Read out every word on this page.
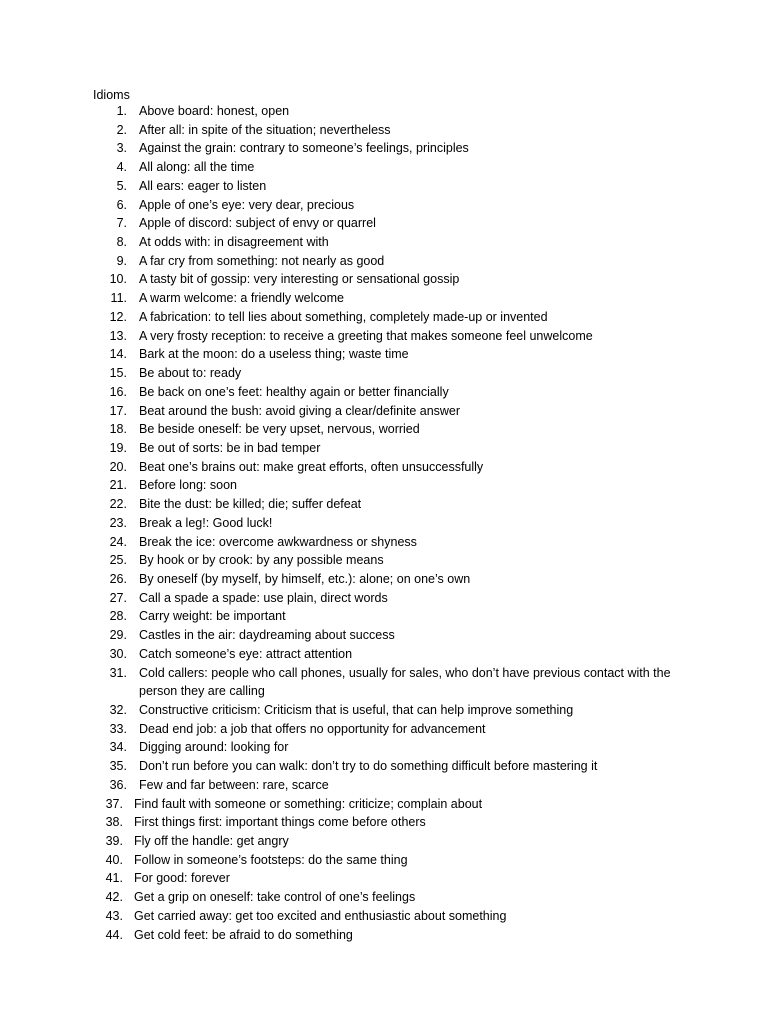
Idioms
1. Above board: honest, open
2. After all: in spite of the situation; nevertheless
3. Against the grain: contrary to someone’s feelings, principles
4. All along: all the time
5. All ears: eager to listen
6. Apple of one’s eye: very dear, precious
7. Apple of discord: subject of envy or quarrel
8. At odds with: in disagreement with
9. A far cry from something: not nearly as good
10. A tasty bit of gossip: very interesting or sensational gossip
11. A warm welcome: a friendly welcome
12. A fabrication: to tell lies about something, completely made-up or invented
13. A very frosty reception: to receive a greeting that makes someone feel unwelcome
14. Bark at the moon: do a useless thing; waste time
15. Be about to: ready
16. Be back on one’s feet: healthy again or better financially
17. Beat around the bush: avoid giving a clear/definite answer
18. Be beside oneself: be very upset, nervous, worried
19. Be out of sorts: be in bad temper
20. Beat one’s brains out: make great efforts, often unsuccessfully
21. Before long: soon
22. Bite the dust: be killed; die; suffer defeat
23. Break a leg!: Good luck!
24. Break the ice: overcome awkwardness or shyness
25. By hook or by crook: by any possible means
26. By oneself (by myself, by himself, etc.): alone; on one’s own
27. Call a spade a spade: use plain, direct words
28. Carry weight: be important
29. Castles in the air: daydreaming about success
30. Catch someone’s eye: attract attention
31. Cold callers: people who call phones, usually for sales, who don’t have previous contact with the person they are calling
32. Constructive criticism: Criticism that is useful, that can help improve something
33. Dead end job: a job that offers no opportunity for advancement
34. Digging around: looking for
35. Don’t run before you can walk: don’t try to do something difficult before mastering it
36. Few and far between: rare, scarce
37. Find fault with someone or something: criticize; complain about
38. First things first: important things come before others
39. Fly off the handle: get angry
40. Follow in someone’s footsteps: do the same thing
41. For good: forever
42. Get a grip on oneself: take control of one’s feelings
43. Get carried away: get too excited and enthusiastic about something
44. Get cold feet: be afraid to do something
